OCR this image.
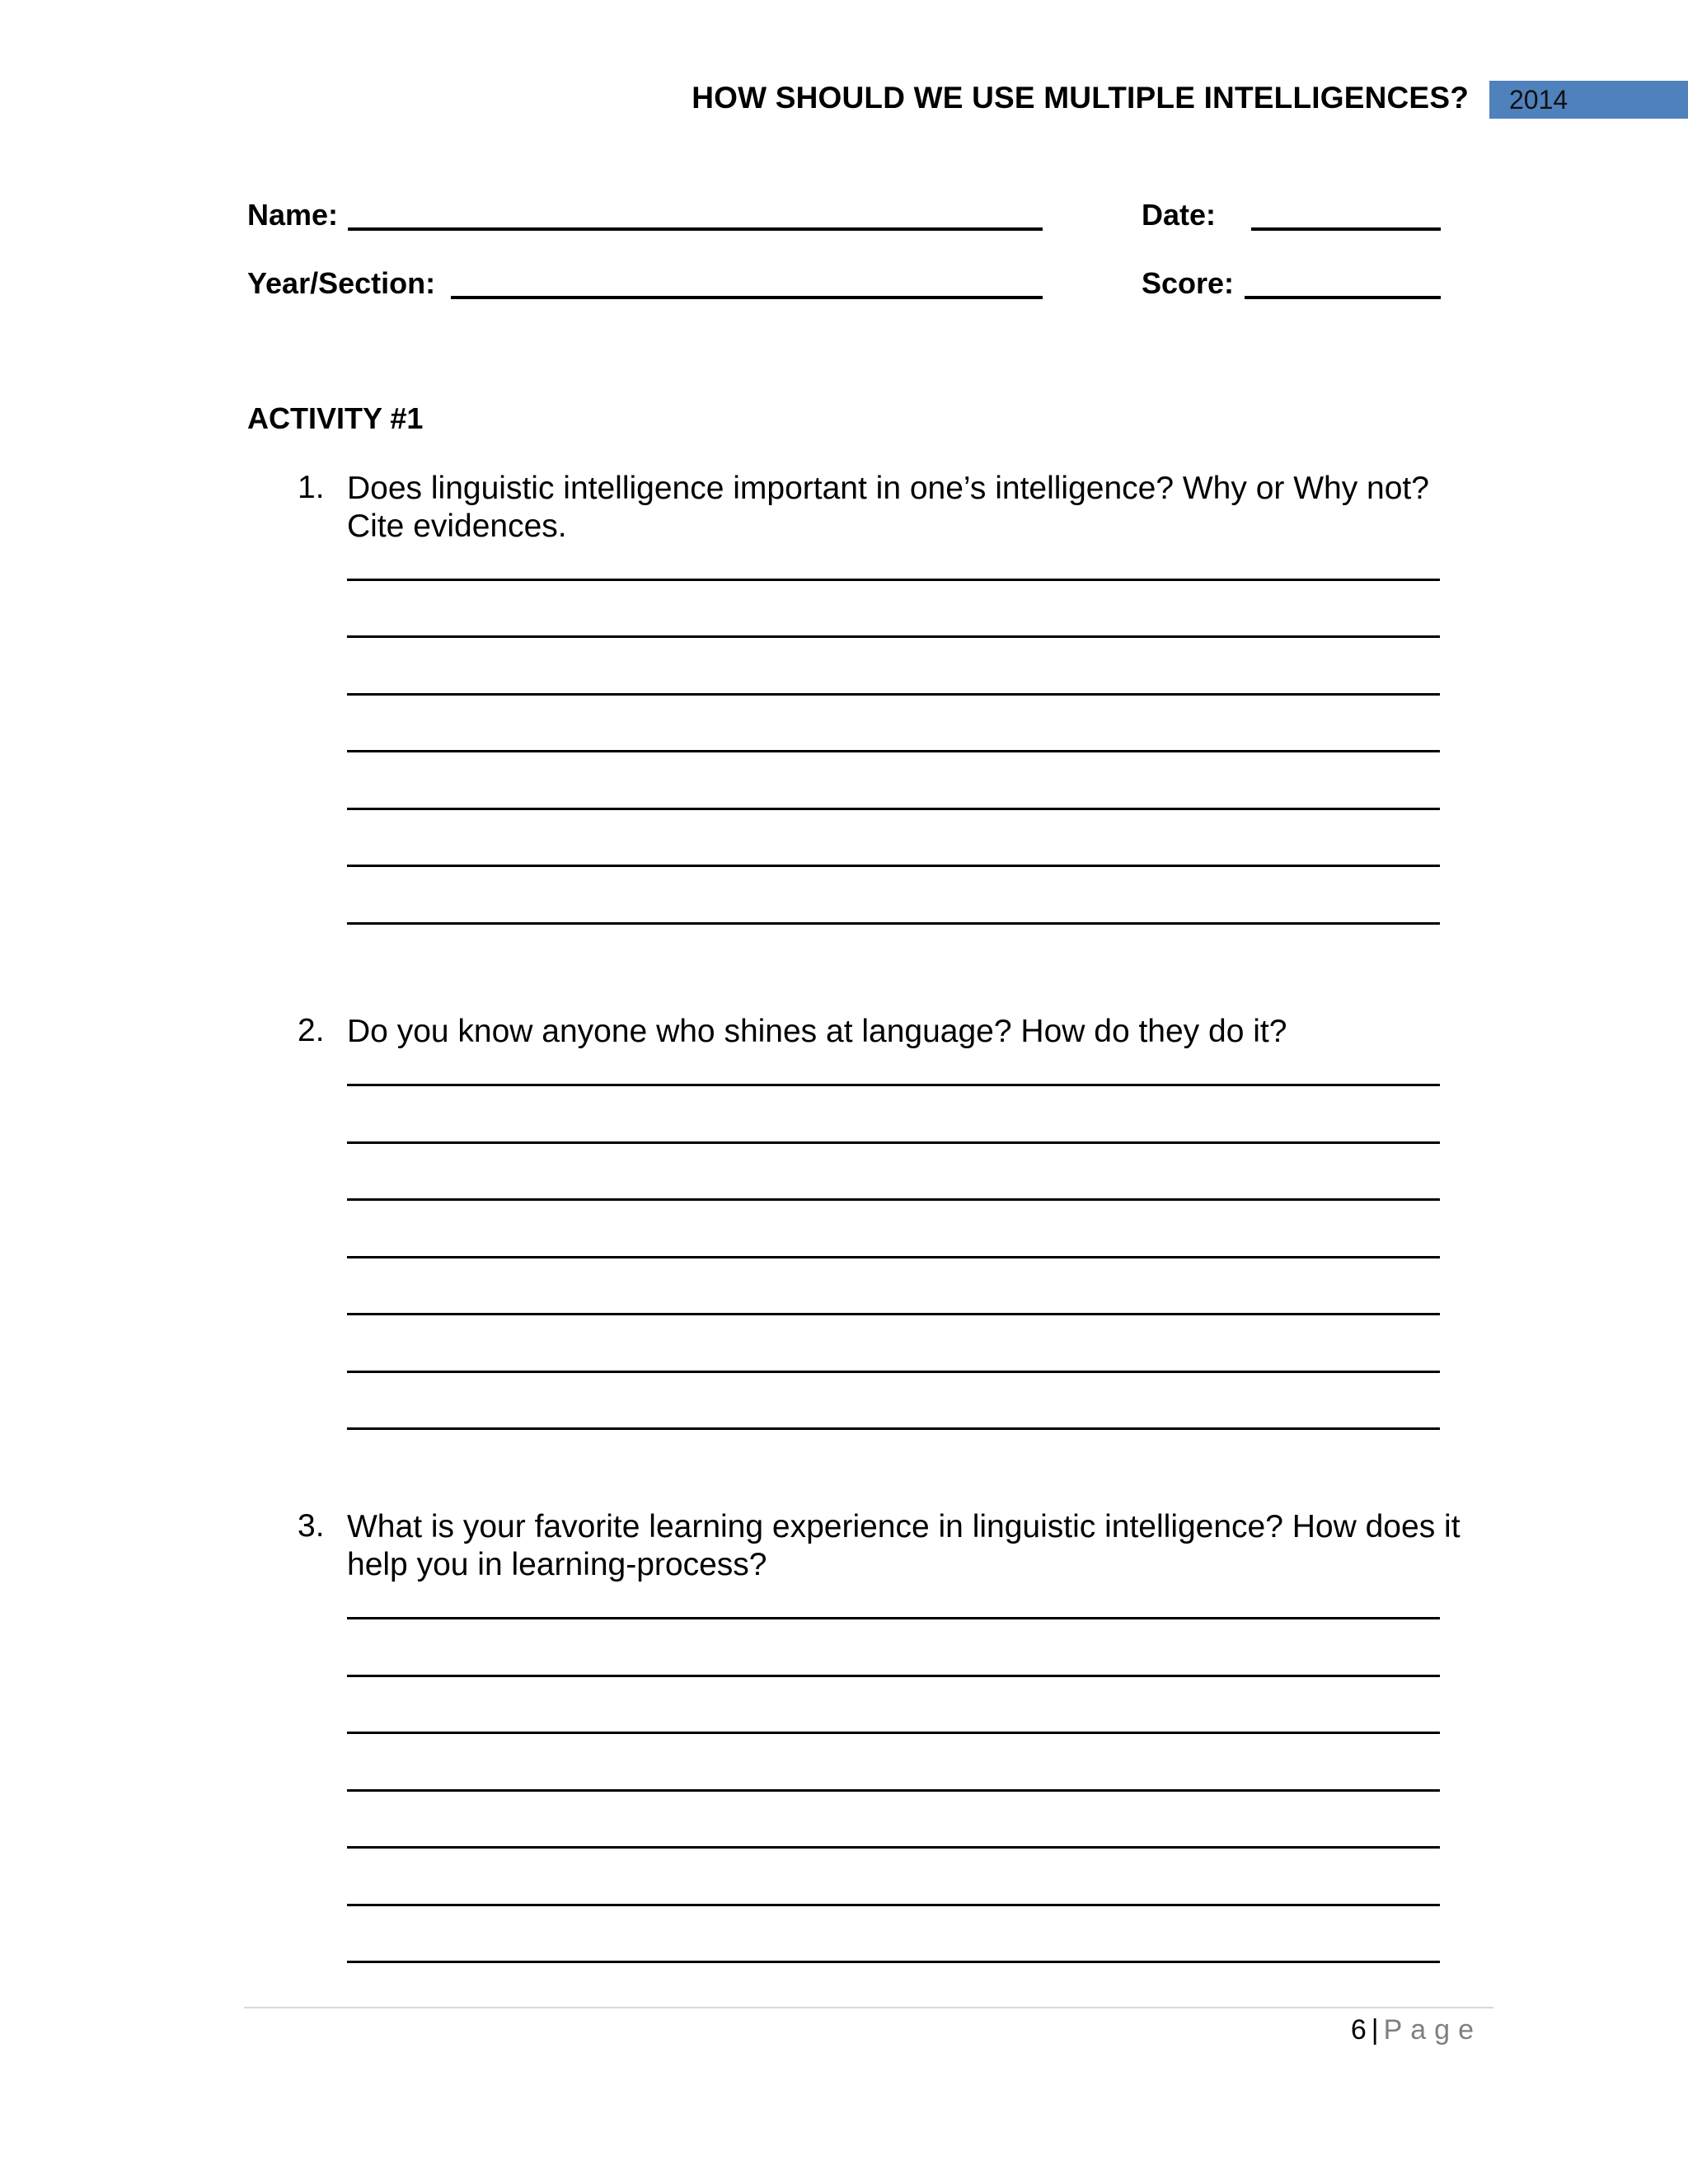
HOW SHOULD WE USE MULTIPLE INTELLIGENCES?	2014
Name:	Date:
Year/Section:	Score:
ACTIVITY #1
1. Does linguistic intelligence important in one’s intelligence? Why or Why not? Cite evidences.
2. Do you know anyone who shines at language? How do they do it?
3. What is your favorite learning experience in linguistic intelligence? How does it help you in learning-process?
6 | Page
